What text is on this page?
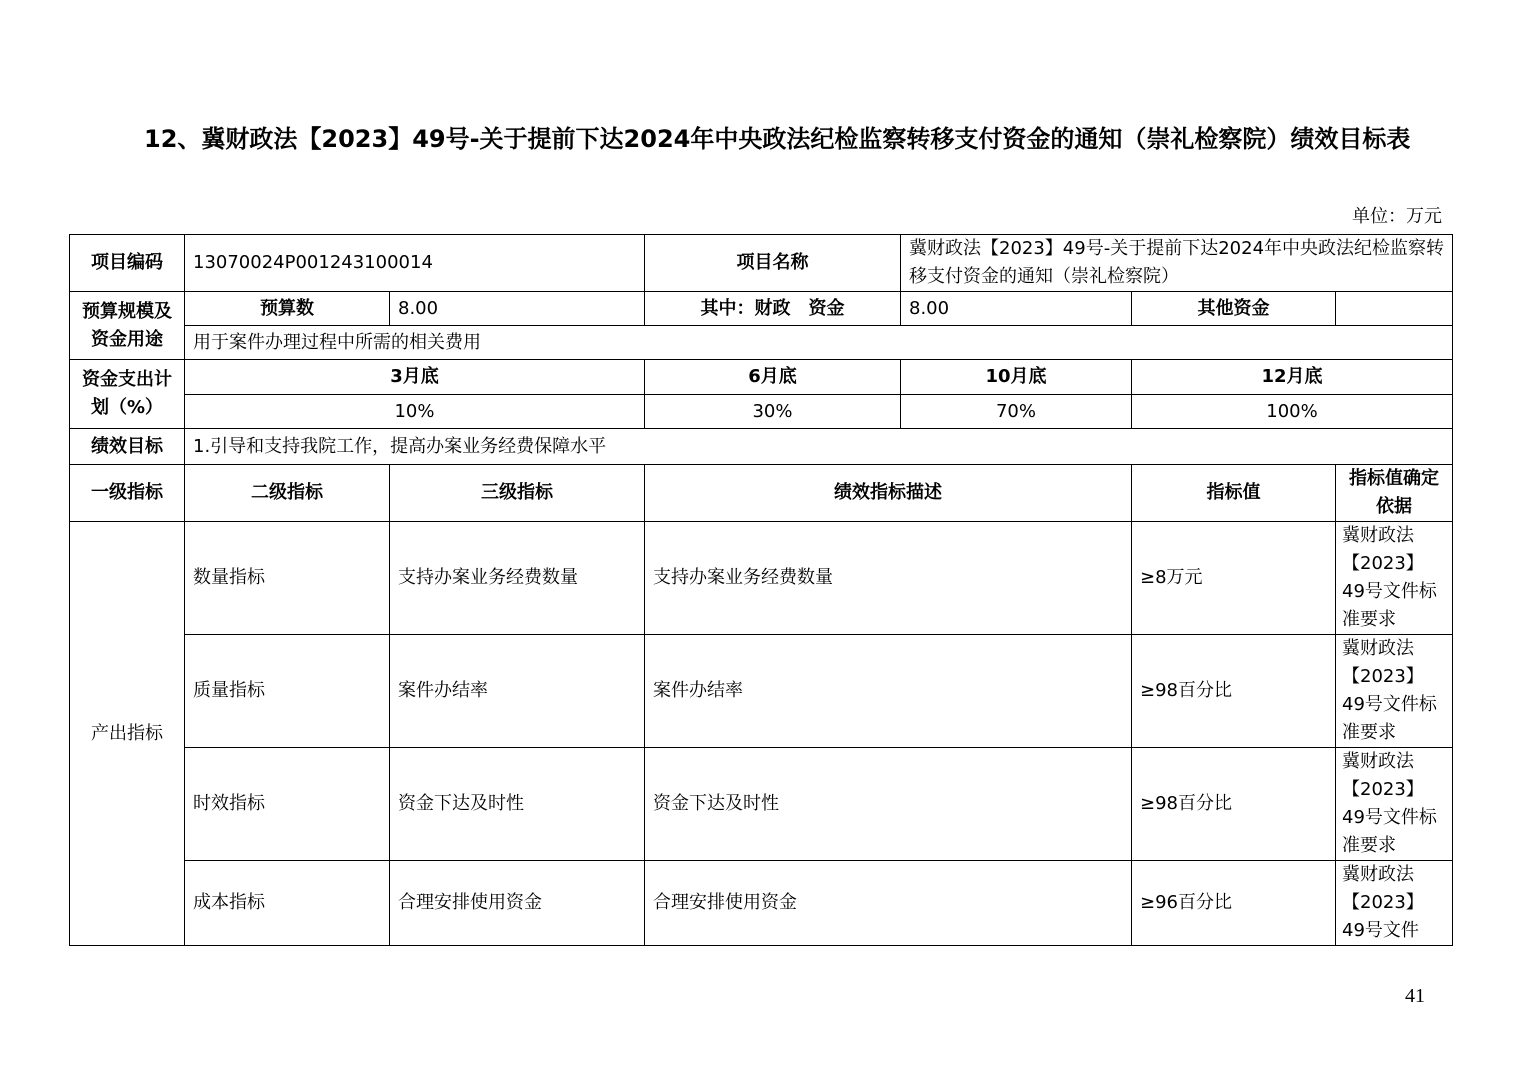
12、冀财政法【2023】49号-关于提前下达2024年中央政法纪检监察转移支付资金的通知（崇礼检察院）绩效目标表
单位：万元
项目编码	13070024P001243100014		项目名称	冀财政法【2023】49号-关于提前下达2024年中央政法纪检监察转移支付资金的通知（崇礼检察院）		
预算规模及资金用途	预算数	8.00	其中：财政　资金	8.00	其他资金	
	用于案件办理过程中所需的相关费用					
资金支出计划（%）	3月底		6月底	10月底	12月底	
	10%		30%	70%	100%	
绩效目标	1.引导和支持我院工作，提高办案业务经费保障水平					
一级指标	二级指标	三级指标	绩效指标描述		指标值	指标值确定依据
产出指标	数量指标	支持办案业务经费数量	支持办案业务经费数量		≥8万元	冀财政法【2023】49号文件标准要求
	质量指标	案件办结率	案件办结率		≥98百分比	冀财政法【2023】49号文件标准要求
	时效指标	资金下达及时性	资金下达及时性		≥98百分比	冀财政法【2023】49号文件标准要求
	成本指标	合理安排使用资金	合理安排使用资金		≥96百分比	冀财政法【2023】49号文件
41
